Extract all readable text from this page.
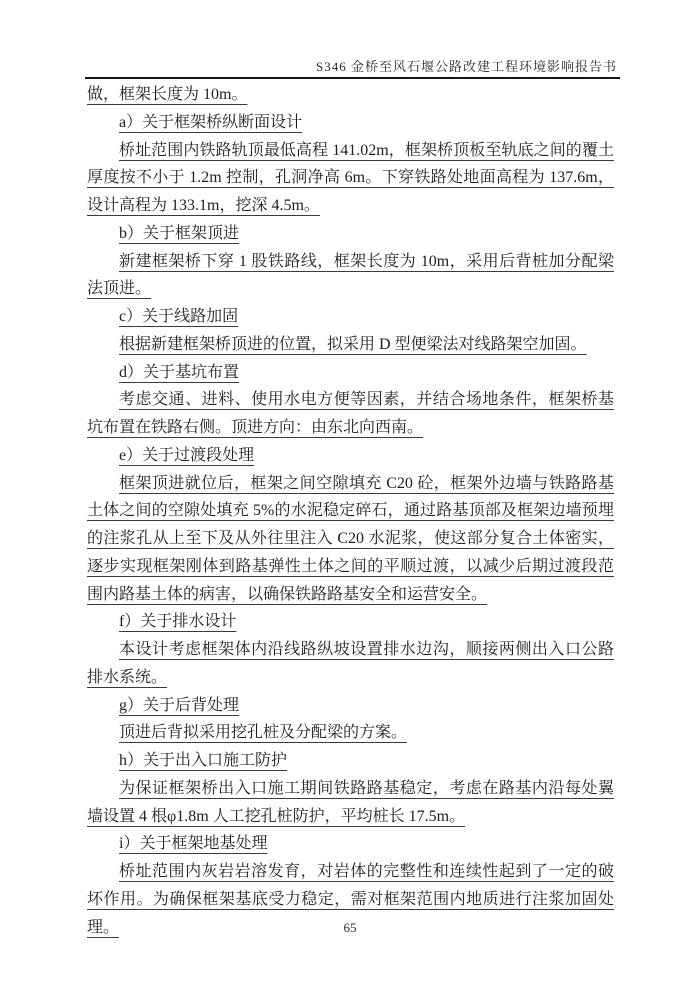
S346 金桥至风石堰公路改建工程环境影响报告书

做，框架长度为 10m。

a）关于框架桥纵断面设计

桥址范围内铁路轨顶最低高程 141.02m，框架桥顶板至轨底之间的覆土厚度按不小于 1.2m 控制，孔洞净高 6m。下穿铁路处地面高程为 137.6m，设计高程为 133.1m，挖深 4.5m。

b）关于框架顶进

新建框架桥下穿 1 股铁路线，框架长度为 10m，采用后背桩加分配梁法顶进。

c）关于线路加固

根据新建框架桥顶进的位置，拟采用 D 型便梁法对线路架空加固。

d）关于基坑布置

考虑交通、进料、使用水电方便等因素，并结合场地条件，框架桥基坑布置在铁路右侧。顶进方向：由东北向西南。

e）关于过渡段处理

框架顶进就位后，框架之间空隙填充 C20 砼，框架外边墙与铁路路基土体之间的空隙处填充 5%的水泥稳定碎石，通过路基顶部及框架边墙预埋的注浆孔从上至下及从外往里注入 C20 水泥浆，使这部分复合土体密实，逐步实现框架刚体到路基弹性土体之间的平顺过渡，以减少后期过渡段范围内路基土体的病害，以确保铁路路基安全和运营安全。

f）关于排水设计

本设计考虑框架体内沿线路纵坡设置排水边沟，顺接两侧出入口公路排水系统。

g）关于后背处理

顶进后背拟采用挖孔桩及分配梁的方案。

h）关于出入口施工防护

为保证框架桥出入口施工期间铁路路基稳定，考虑在路基内沿每处翼墙设置 4 根φ1.8m 人工挖孔桩防护，平均桩长 17.5m。

i）关于框架地基处理

桥址范围内灰岩岩溶发育，对岩体的完整性和连续性起到了一定的破坏作用。为确保框架基底受力稳定，需对框架范围内地质进行注浆加固处理。	65
